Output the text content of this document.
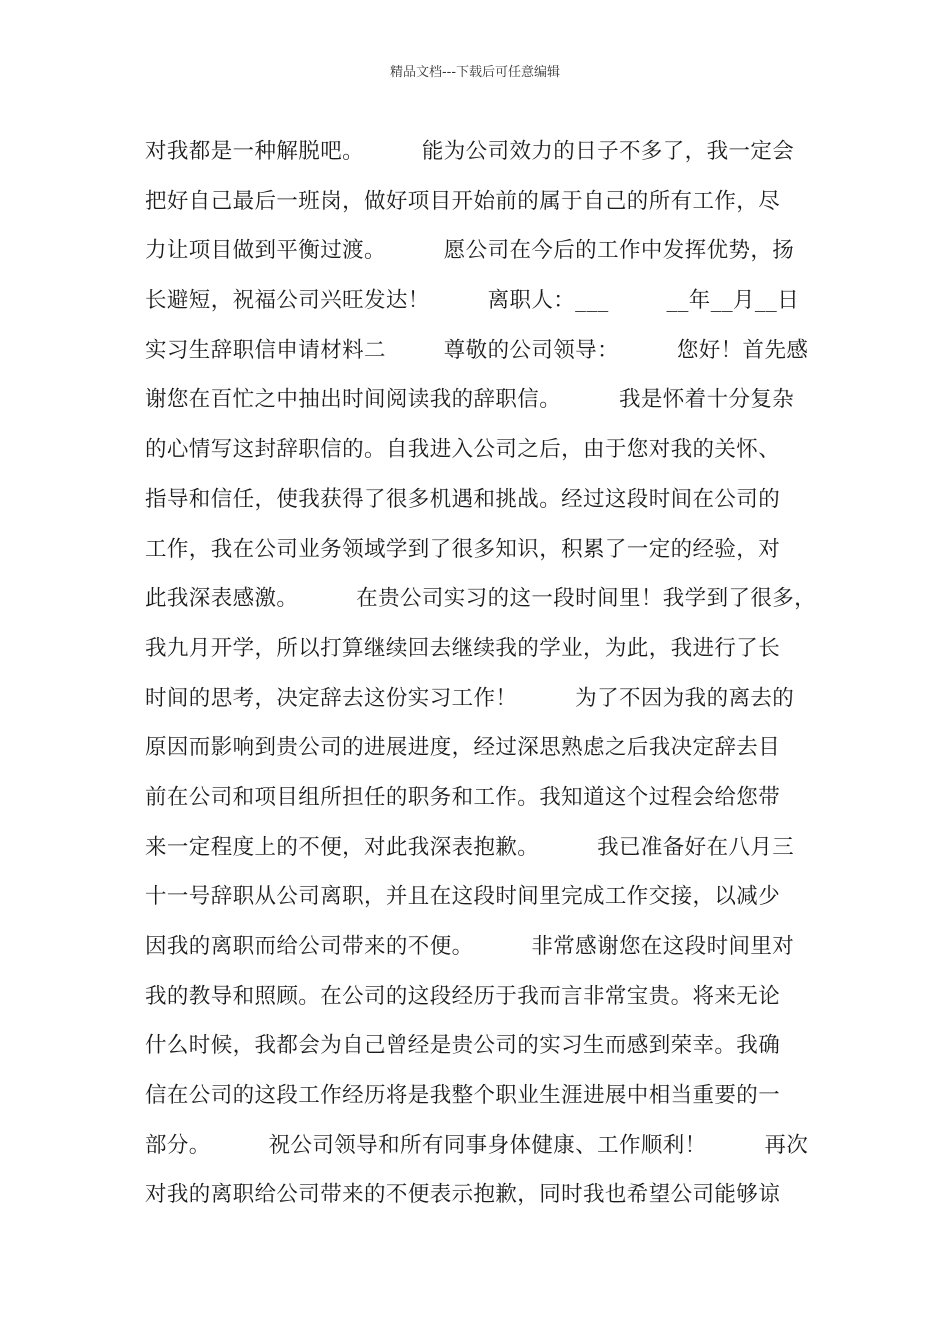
精品文档---下载后可任意编辑
对我都是一种解脱吧。        能为公司效力的日子不多了，我一定会
把好自己最后一班岗，做好项目开始前的属于自己的所有工作，尽
力让项目做到平衡过渡。        愿公司在今后的工作中发挥优势，扬
长避短，祝福公司兴旺发达！        离职人：___        __年__月__日
实习生辞职信申请材料二        尊敬的公司领导：        您好！首先感
谢您在百忙之中抽出时间阅读我的辞职信。        我是怀着十分复杂
的心情写这封辞职信的。自我进入公司之后，由于您对我的关怀、
指导和信任，使我获得了很多机遇和挑战。经过这段时间在公司的
工作，我在公司业务领域学到了很多知识，积累了一定的经验，对
此我深表感激。        在贵公司实习的这一段时间里！我学到了很多，
我九月开学，所以打算继续回去继续我的学业，为此，我进行了长
时间的思考，决定辞去这份实习工作！        为了不因为我的离去的
原因而影响到贵公司的进展进度，经过深思熟虑之后我决定辞去目
前在公司和项目组所担任的职务和工作。我知道这个过程会给您带
来一定程度上的不便，对此我深表抱歉。        我已准备好在八月三
十一号辞职从公司离职，并且在这段时间里完成工作交接，以减少
因我的离职而给公司带来的不便。        非常感谢您在这段时间里对
我的教导和照顾。在公司的这段经历于我而言非常宝贵。将来无论
什么时候，我都会为自己曾经是贵公司的实习生而感到荣幸。我确
信在公司的这段工作经历将是我整个职业生涯进展中相当重要的一
部分。        祝公司领导和所有同事身体健康、工作顺利！        再次
对我的离职给公司带来的不便表示抱歉，同时我也希望公司能够谅
